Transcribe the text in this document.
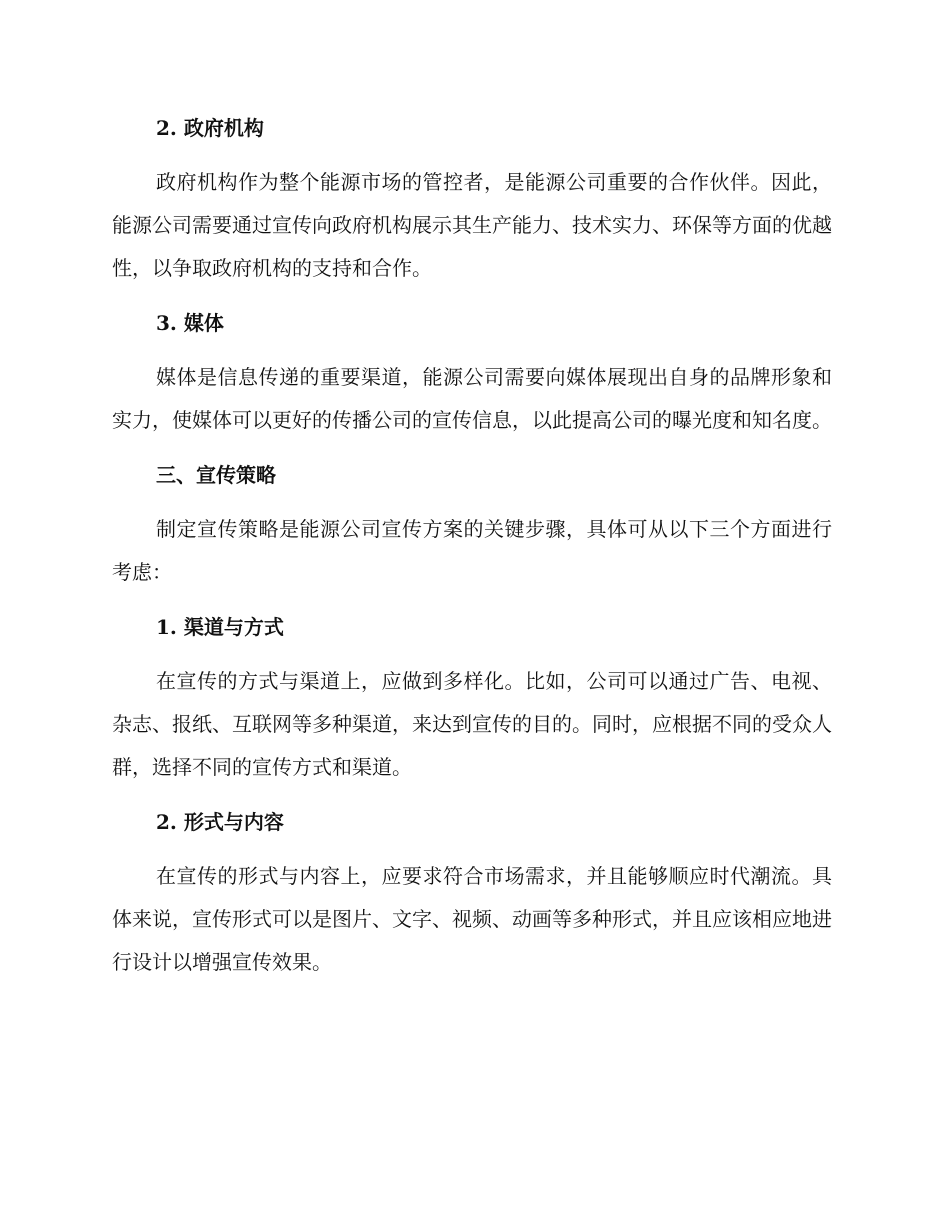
2. 政府机构

政府机构作为整个能源市场的管控者，是能源公司重要的合作伙伴。因此，能源公司需要通过宣传向政府机构展示其生产能力、技术实力、环保等方面的优越性，以争取政府机构的支持和合作。

3. 媒体

媒体是信息传递的重要渠道，能源公司需要向媒体展现出自身的品牌形象和实力，使媒体可以更好的传播公司的宣传信息，以此提高公司的曝光度和知名度。

三、宣传策略

制定宣传策略是能源公司宣传方案的关键步骤，具体可从以下三个方面进行考虑：

1. 渠道与方式

在宣传的方式与渠道上，应做到多样化。比如，公司可以通过广告、电视、杂志、报纸、互联网等多种渠道，来达到宣传的目的。同时，应根据不同的受众人群，选择不同的宣传方式和渠道。

2. 形式与内容

在宣传的形式与内容上，应要求符合市场需求，并且能够顺应时代潮流。具体来说，宣传形式可以是图片、文字、视频、动画等多种形式，并且应该相应地进行设计以增强宣传效果。
